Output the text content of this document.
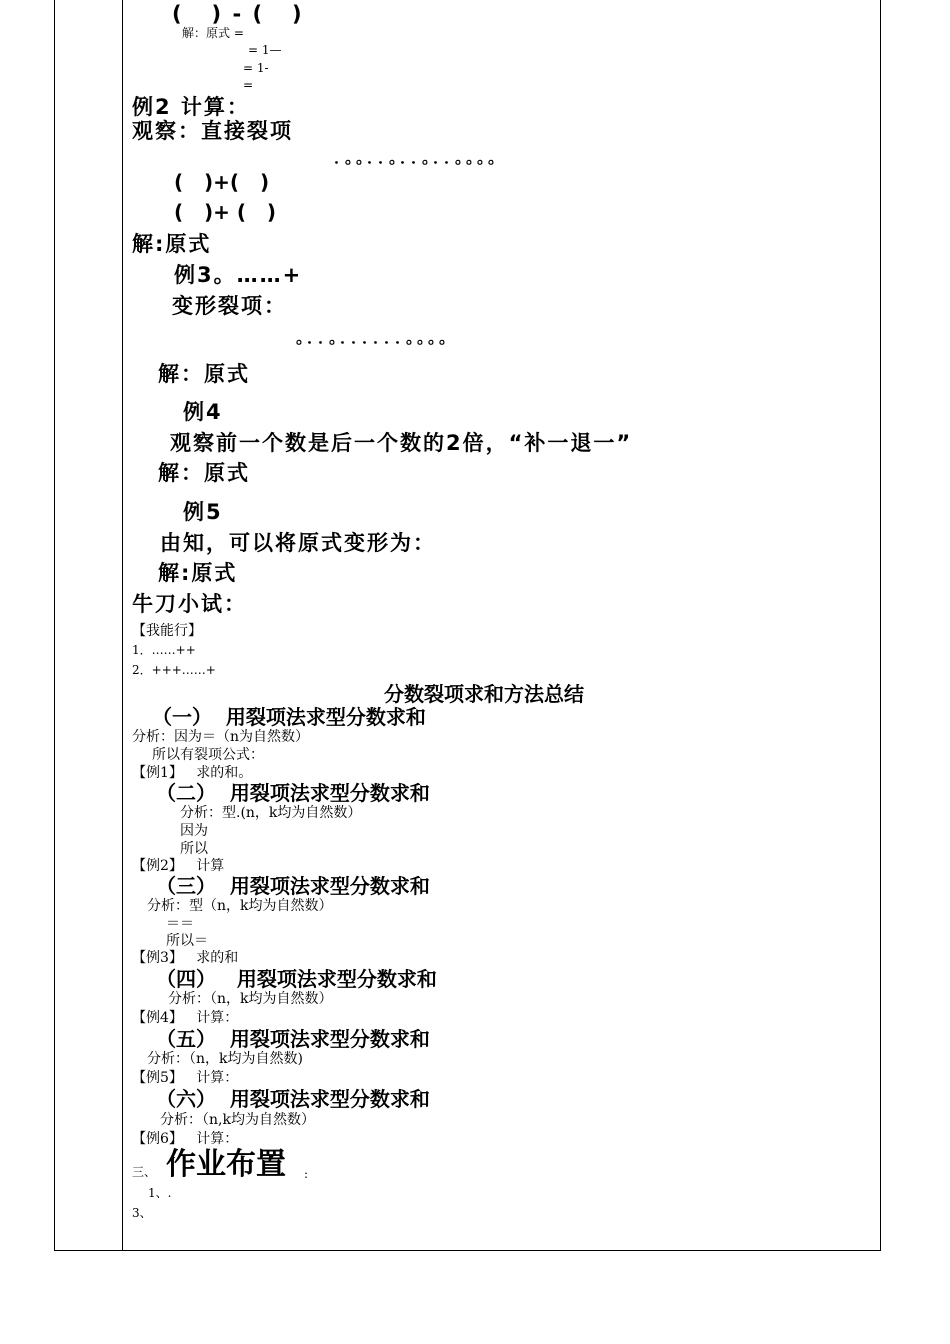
(   ) - (   )
解：原式 =
= 1—
= 1-
=
例2 计算：
观察：直接裂项
．。。．．。．．。．．。。。。
(   )+(   )
(   )+ (   )
解:原式
例3。……+
变形裂项：
。．．。．．．．．．。。。。
解：原式
例4
观察前一个数是后一个数的2倍，“补一退一”
解：原式
例5
由知，可以将原式变形为：
解:原式
牛刀小试：
【我能行】
1．……++
2．+++……+
分数裂项求和方法总结
（一）  用裂项法求型分数求和
分析：因为＝（n为自然数）
所以有裂项公式：
【例1】   求的和。
（二）  用裂项法求型分数求和
分析：型.(n，k均为自然数）
因为
所以
【例2】   计算
（三）  用裂项法求型分数求和
分析：型（n，k均为自然数）
＝＝
所以＝
【例3】   求的和
（四）   用裂项法求型分数求和
分析：（n，k均为自然数）
【例4】   计算：
（五）  用裂项法求型分数求和
分析：（n，k均为自然数)
【例5】   计算：
（六）  用裂项法求型分数求和
分析：（n,k均为自然数）
【例6】   计算：
三、 作业布置 :
1、.
3、
